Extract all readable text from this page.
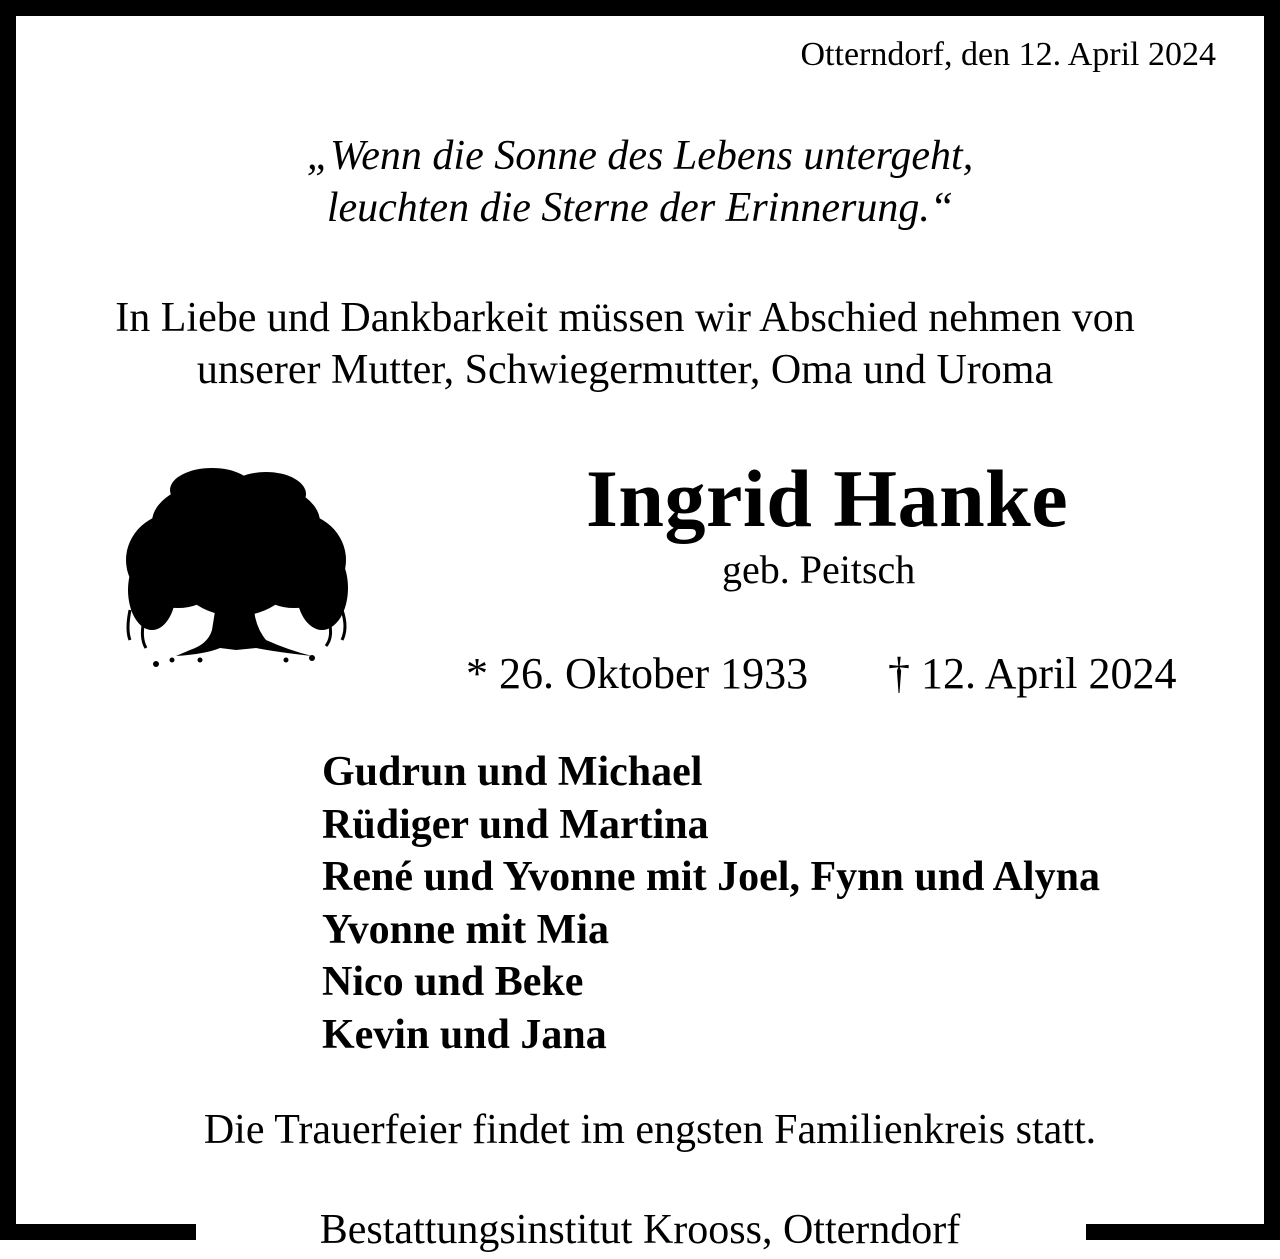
Otterndorf, den 12. April 2024
„Wenn die Sonne des Lebens untergeht,
leuchten die Sterne der Erinnerung.“
In Liebe und Dankbarkeit müssen wir Abschied nehmen von
unserer Mutter, Schwiegermutter, Oma und Uroma
Ingrid Hanke
geb. Peitsch
* 26. Oktober 1933 † 12. April 2024
Gudrun und Michael
Rüdiger und Martina
René und Yvonne mit Joel, Fynn und Alyna
Yvonne mit Mia
Nico und Beke
Kevin und Jana
Die Trauerfeier findet im engsten Familienkreis statt.
Bestattungsinstitut Krooss, Otterndorf
